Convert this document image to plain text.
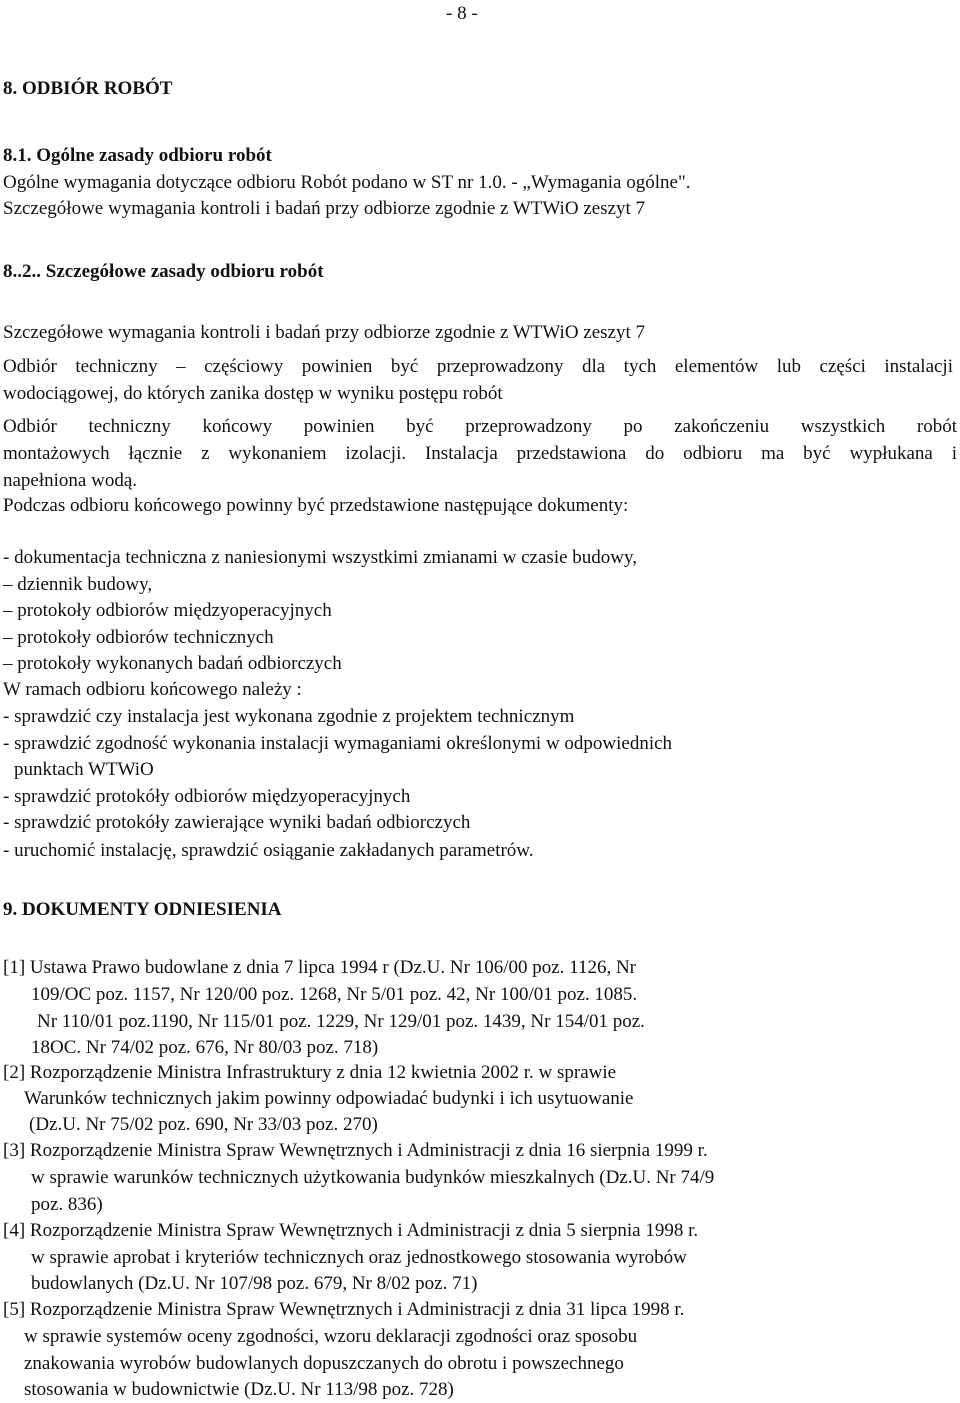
- 8 -
8. ODBIÓR ROBÓT
8.1. Ogólne zasady odbioru robót
Ogólne wymagania dotyczące odbioru Robót podano w ST nr 1.0. - „Wymagania ogólne".
Szczegółowe wymagania kontroli i badań przy odbiorze zgodnie z WTWiO zeszyt 7
8..2.. Szczegółowe zasady odbioru robót
Szczegółowe wymagania kontroli i badań przy odbiorze zgodnie z WTWiO zeszyt 7
Odbiór techniczny – częściowy powinien być przeprowadzony dla tych elementów lub części instalacji
wodociągowej, do których zanika dostęp w wyniku postępu robót
Odbiór techniczny końcowy powinien być przeprowadzony po zakończeniu wszystkich robót
montażowych łącznie z wykonaniem izolacji. Instalacja przedstawiona do odbioru ma być wypłukana i
napełniona wodą.
Podczas odbioru końcowego powinny być przedstawione następujące dokumenty:
- dokumentacja techniczna z naniesionymi wszystkimi zmianami w czasie budowy,
– dziennik budowy,
– protokoły odbiorów międzyoperacyjnych
– protokoły odbiorów technicznych
– protokoły wykonanych badań odbiorczych
W ramach odbioru końcowego należy :
- sprawdzić czy instalacja jest wykonana zgodnie z projektem technicznym
- sprawdzić zgodność wykonania instalacji wymaganiami określonymi w odpowiednich
punktach WTWiO
- sprawdzić protokóły odbiorów międzyoperacyjnych
- sprawdzić protokóły zawierające wyniki badań odbiorczych
- uruchomić instalację, sprawdzić osiąganie zakładanych parametrów.
9. DOKUMENTY ODNIESIENIA
[1] Ustawa Prawo budowlane z dnia 7 lipca 1994 r (Dz.U. Nr 106/00 poz. 1126, Nr
109/OC poz. 1157, Nr 120/00 poz. 1268, Nr 5/01 poz. 42, Nr 100/01 poz. 1085.
Nr 110/01 poz.1190, Nr 115/01 poz. 1229, Nr 129/01 poz. 1439, Nr 154/01 poz.
18OC. Nr 74/02 poz. 676, Nr 80/03 poz. 718)
[2] Rozporządzenie Ministra Infrastruktury z dnia 12 kwietnia 2002 r. w sprawie
Warunków technicznych jakim powinny odpowiadać budynki i ich usytuowanie
(Dz.U. Nr 75/02 poz. 690, Nr 33/03 poz. 270)
[3] Rozporządzenie Ministra Spraw Wewnętrznych i Administracji z dnia 16 sierpnia 1999 r.
w sprawie warunków technicznych użytkowania budynków mieszkalnych (Dz.U. Nr 74/9
poz. 836)
[4] Rozporządzenie Ministra Spraw Wewnętrznych i Administracji z dnia 5 sierpnia 1998 r.
w sprawie aprobat i kryteriów technicznych oraz jednostkowego stosowania wyrobów
budowlanych (Dz.U. Nr 107/98 poz. 679, Nr 8/02 poz. 71)
[5] Rozporządzenie Ministra Spraw Wewnętrznych i Administracji z dnia 31 lipca 1998 r.
w sprawie systemów oceny zgodności, wzoru deklaracji zgodności oraz sposobu
znakowania wyrobów budowlanych dopuszczanych do obrotu i powszechnego
stosowania w budownictwie (Dz.U. Nr 113/98 poz. 728)
